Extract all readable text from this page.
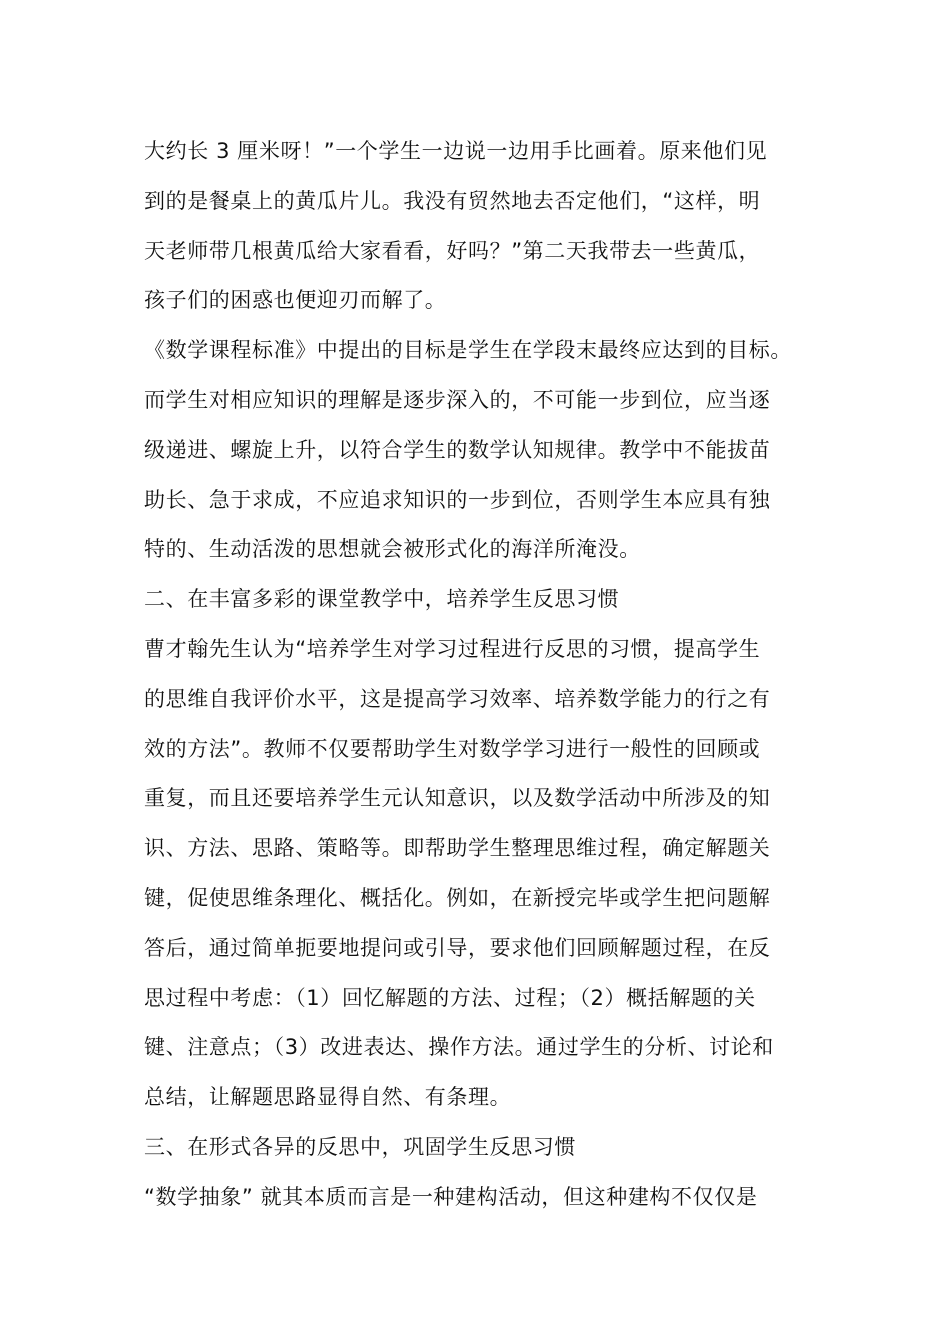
大约长 3 厘米呀！”一个学生一边说一边用手比画着。原来他们见
到的是餐桌上的黄瓜片儿。我没有贸然地去否定他们，“这样，明
天老师带几根黄瓜给大家看看，好吗？”第二天我带去一些黄瓜，
孩子们的困惑也便迎刃而解了。
《数学课程标准》中提出的目标是学生在学段末最终应达到的目标。
而学生对相应知识的理解是逐步深入的，不可能一步到位，应当逐
级递进、螺旋上升，以符合学生的数学认知规律。教学中不能拔苗
助长、急于求成，不应追求知识的一步到位，否则学生本应具有独
特的、生动活泼的思想就会被形式化的海洋所淹没。
二、在丰富多彩的课堂教学中，培养学生反思习惯
曹才翰先生认为“培养学生对学习过程进行反思的习惯，提高学生
的思维自我评价水平，这是提高学习效率、培养数学能力的行之有
效的方法”。教师不仅要帮助学生对数学学习进行一般性的回顾或
重复，而且还要培养学生元认知意识，以及数学活动中所涉及的知
识、方法、思路、策略等。即帮助学生整理思维过程，确定解题关
键，促使思维条理化、概括化。例如，在新授完毕或学生把问题解
答后，通过简单扼要地提问或引导，要求他们回顾解题过程，在反
思过程中考虑：（1）回忆解题的方法、过程；（2）概括解题的关
键、注意点；（3）改进表达、操作方法。通过学生的分析、讨论和
总结，让解题思路显得自然、有条理。
三、在形式各异的反思中，巩固学生反思习惯
“数学抽象” 就其本质而言是一种建构活动，但这种建构不仅仅是
